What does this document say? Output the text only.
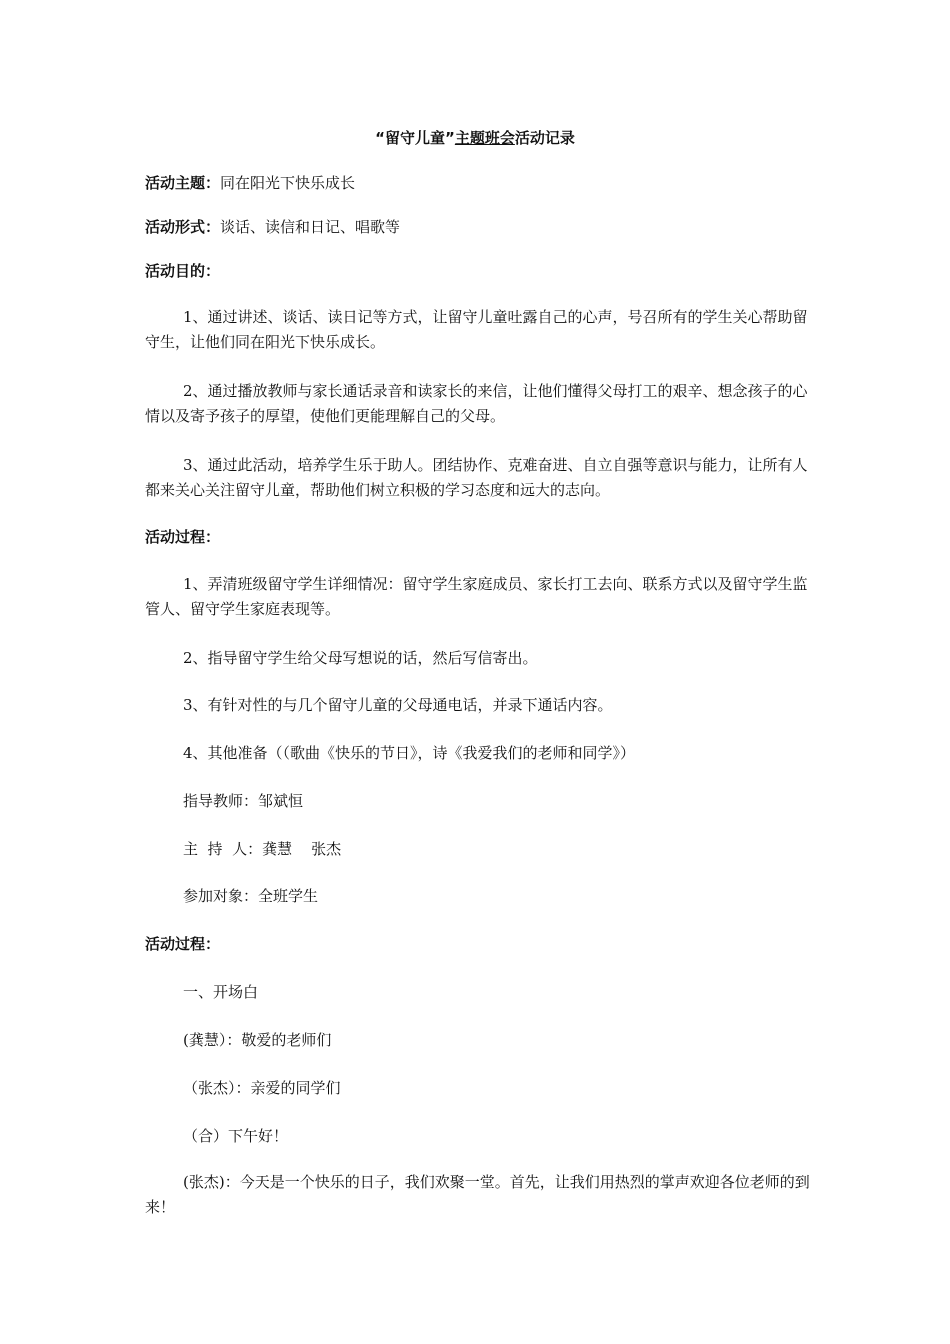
“留守儿童”主题班会活动记录
活动主题：同在阳光下快乐成长
活动形式：谈话、读信和日记、唱歌等
活动目的：
1、通过讲述、谈话、读日记等方式，让留守儿童吐露自己的心声，号召所有的学生关心帮助留守生，让他们同在阳光下快乐成长。
2、通过播放教师与家长通话录音和读家长的来信，让他们懂得父母打工的艰辛、想念孩子的心情以及寄予孩子的厚望，使他们更能理解自己的父母。
3、通过此活动，培养学生乐于助人。团结协作、克难奋进、自立自强等意识与能力，让所有人都来关心关注留守儿童，帮助他们树立积极的学习态度和远大的志向。
活动过程：
1、弄清班级留守学生详细情况：留守学生家庭成员、家长打工去向、联系方式以及留守学生监管人、留守学生家庭表现等。
2、指导留守学生给父母写想说的话，然后写信寄出。
3、有针对性的与几个留守儿童的父母通电话，并录下通话内容。
4、其他准备（（歌曲《快乐的节日》，诗《我爱我们的老师和同学》）
指导教师：邹斌恒
主  持  人：龚慧    张杰
参加对象：全班学生
活动过程：
一、开场白
(龚慧）：敬爱的老师们
（张杰）：亲爱的同学们
（合）下午好！
(张杰)：今天是一个快乐的日子，我们欢聚一堂。首先，让我们用热烈的掌声欢迎各位老师的到来！
